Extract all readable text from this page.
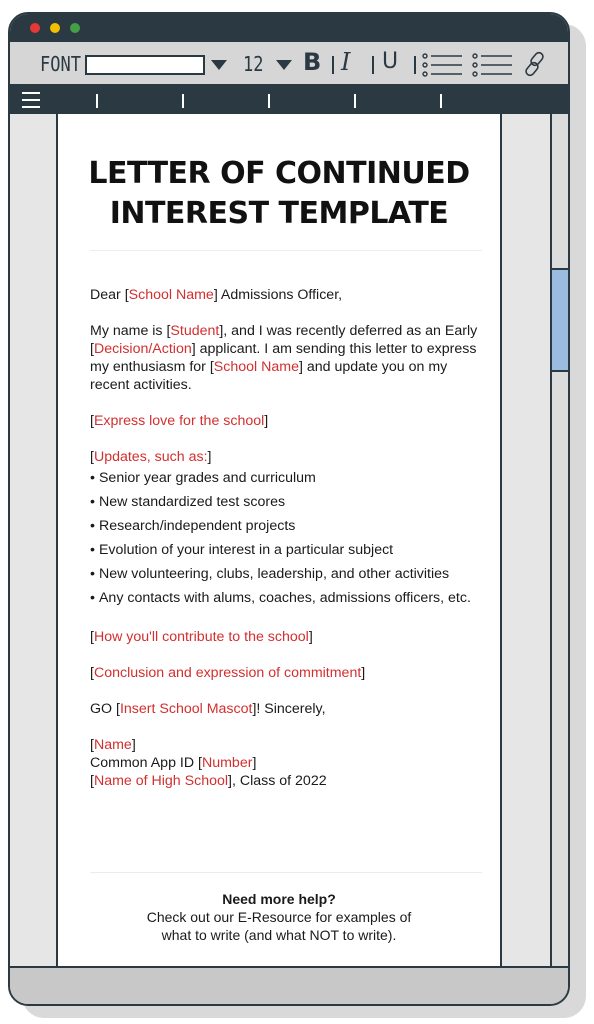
FONT	12 B I U
LETTER OF CONTINUED
INTEREST TEMPLATE

Dear [School Name] Admissions Officer,

My name is [Student], and I was recently deferred as an Early [Decision/Action] applicant. I am sending this letter to express my enthusiasm for [School Name] and update you on my recent activities.

[Express love for the school]

[Updates, such as:]
• Senior year grades and curriculum
• New standardized test scores
• Research/independent projects
• Evolution of your interest in a particular subject
• New volunteering, clubs, leadership, and other activities
• Any contacts with alums, coaches, admissions officers, etc.

[How you'll contribute to the school]

[Conclusion and expression of commitment]

GO [Insert School Mascot]! Sincerely,

[Name]
Common App ID [Number]
[Name of High School], Class of 2022
Need more help?
Check out our E-Resource for examples of
what to write (and what NOT to write).
